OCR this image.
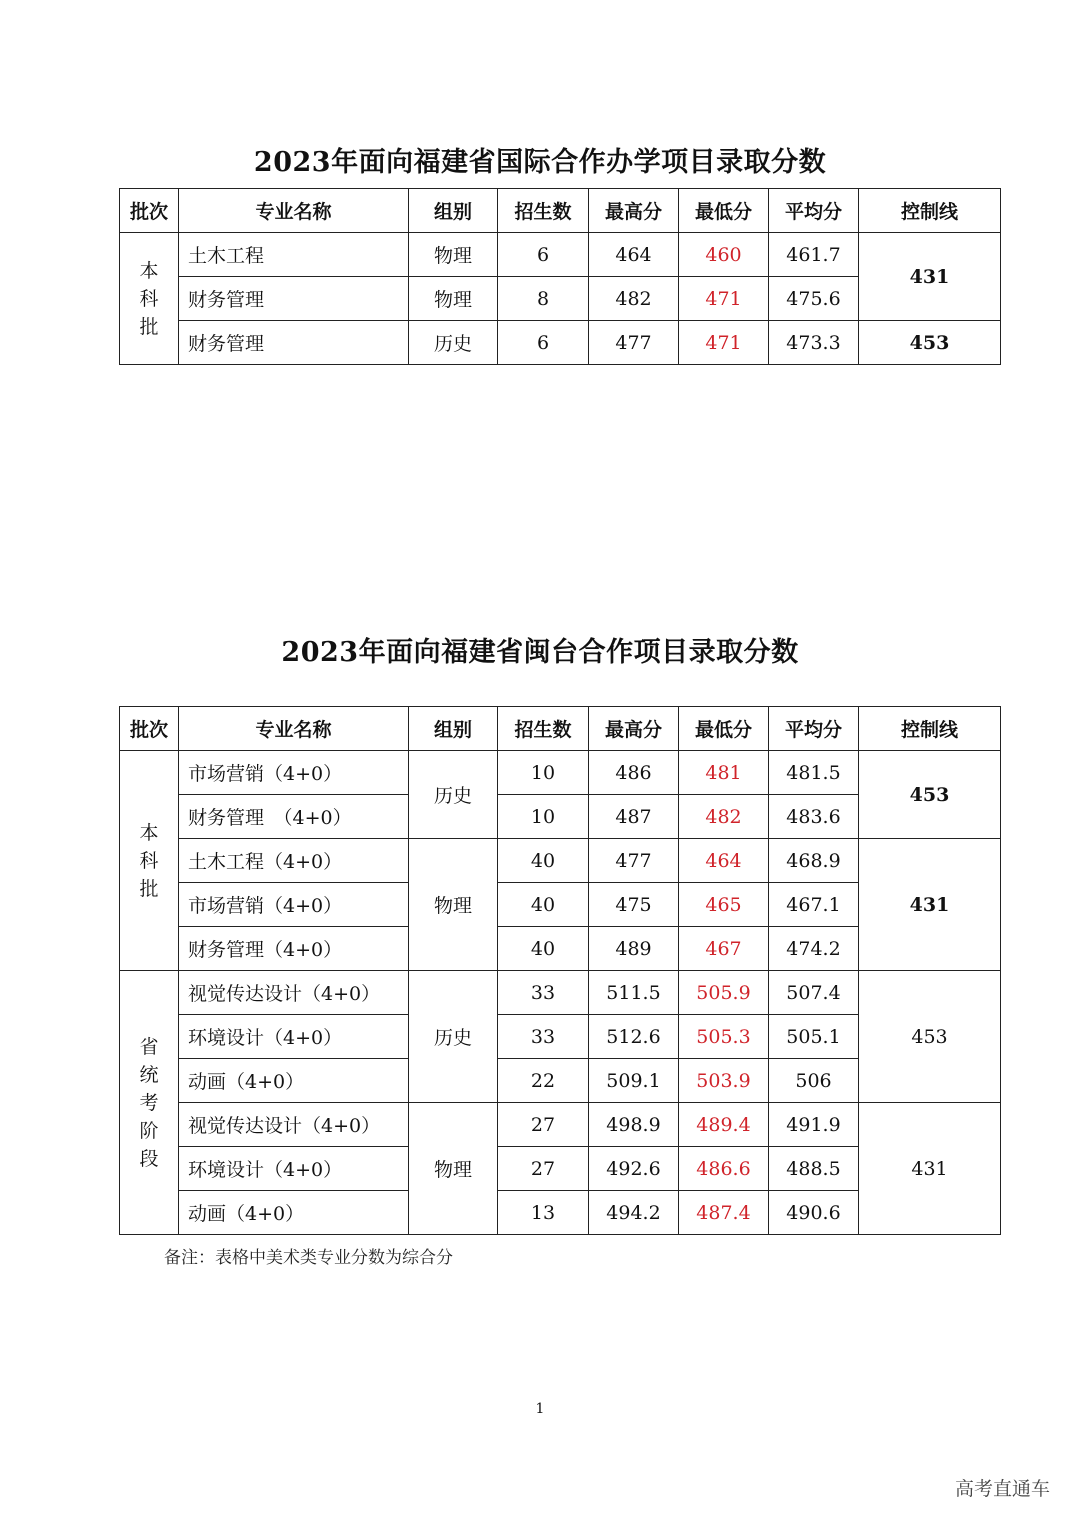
2023年面向福建省国际合作办学项目录取分数
批次	专业名称	组别	招生数	最高分	最低分	平均分	控制线

本
科
批	土木工程	物理	6	464	460	461.7	431
	财务管理	物理	8	482	471	475.6	
	财务管理	历史	6	477	471	473.3	453
2023年面向福建省闽台合作项目录取分数
批次	专业名称	组别	招生数	最高分	最低分	平均分	控制线

本
科
批	市场营销（4+0）	历史	10	486	481	481.5	453
	财务管理　（4+0）		10	487	482	483.6	
	土木工程（4+0）	物理	40	477	464	468.9	431
	市场营销（4+0）		40	475	465	467.1	
	财务管理（4+0）		40	489	467	474.2	

省
统
考
阶
段	视觉传达设计（4+0）	历史	33	511.5	505.9	507.4	453
	环境设计（4+0）		33	512.6	505.3	505.1	
	动画（4+0）		22	509.1	503.9	506	
	视觉传达设计（4+0）	物理	27	498.9	489.4	491.9	431
	环境设计（4+0）		27	492.6	486.6	488.5	
	动画（4+0）		13	494.2	487.4	490.6	
备注：表格中美术类专业分数为综合分
1
高考直通车
